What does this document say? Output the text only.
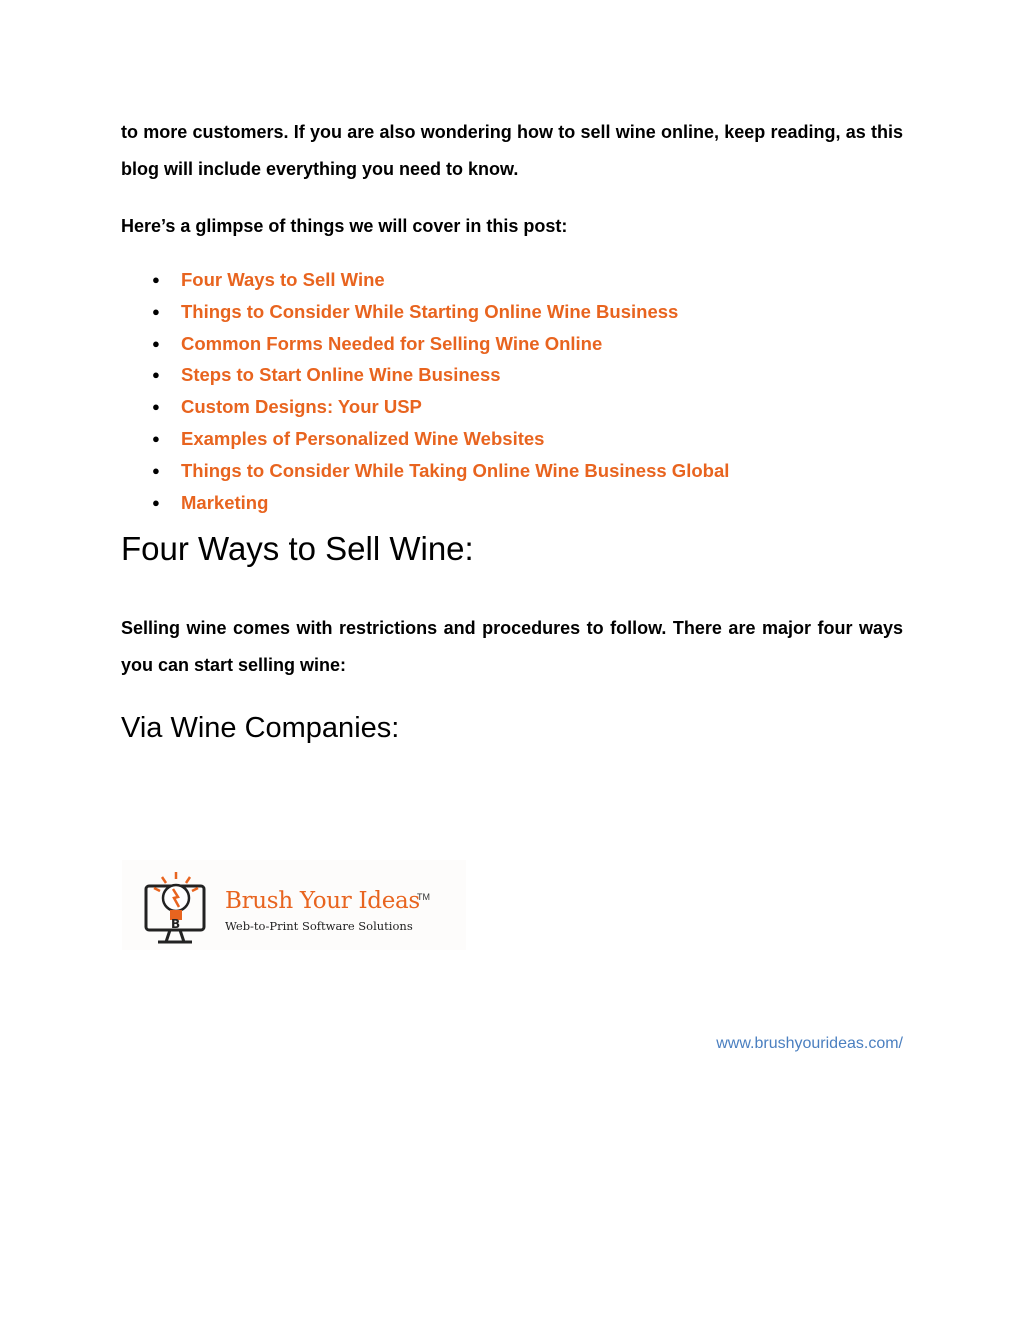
to more customers. If you are also wondering how to sell wine online, keep reading, as this blog will include everything you need to know.

Here’s a glimpse of things we will cover in this post:

● Four Ways to Sell Wine
● Things to Consider While Starting Online Wine Business
● Common Forms Needed for Selling Wine Online
● Steps to Start Online Wine Business
● Custom Designs: Your USP
● Examples of Personalized Wine Websites
● Things to Consider While Taking Online Wine Business Global
● Marketing
Four Ways to Sell Wine:

Selling wine comes with restrictions and procedures to follow. There are major four ways you can start selling wine:

Via Wine Companies:
B
Brush Your Ideas
TM
Web-to-Print Software Solutions
www.brushyourideas.com/
